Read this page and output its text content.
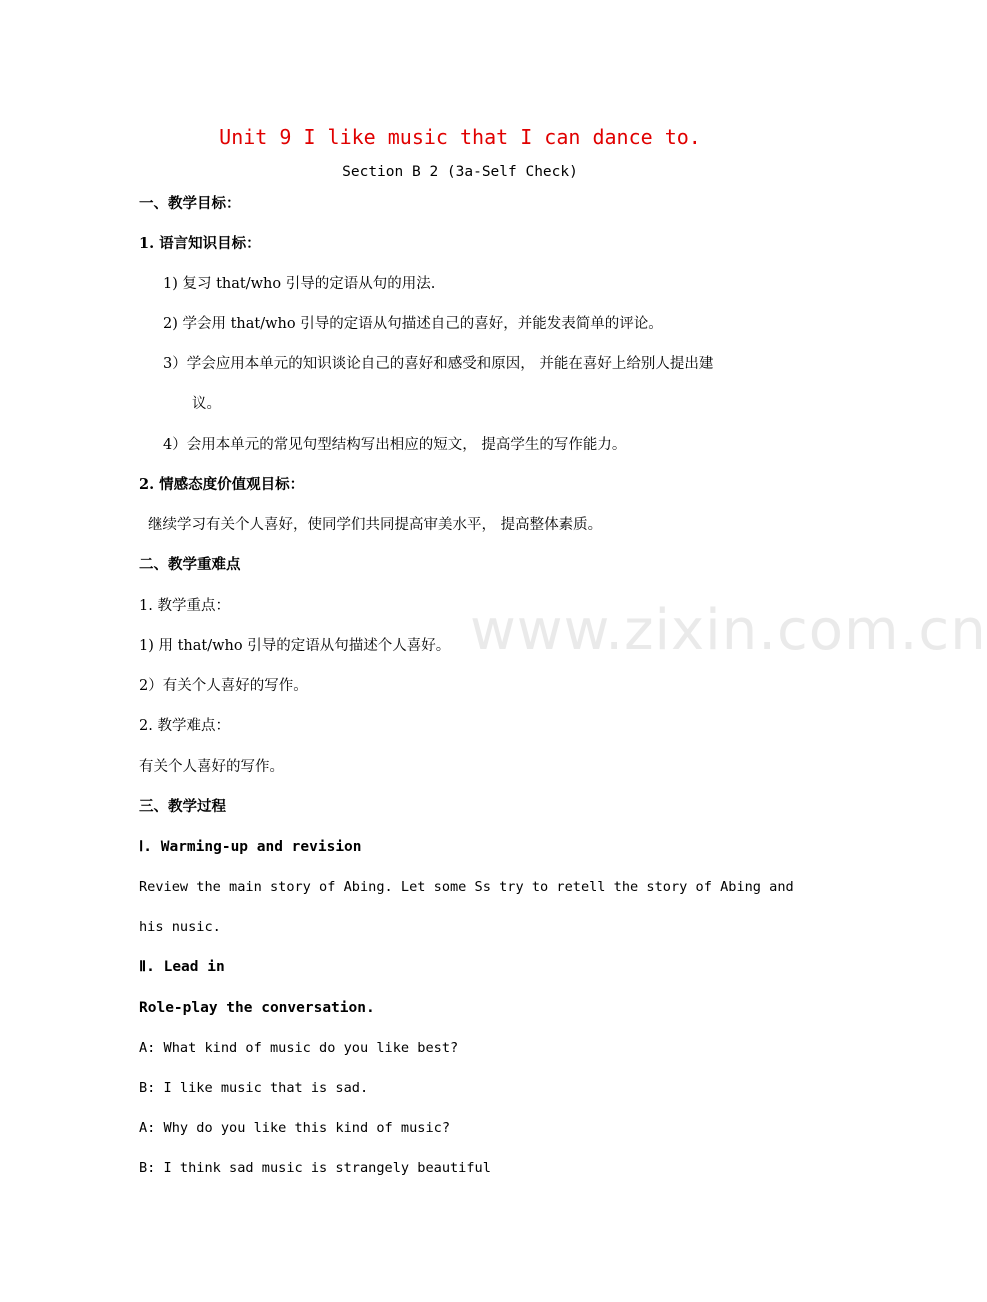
www.zixin.com.cn
Unit 9 I like music that I can dance to.
Section B 2 (3a-Self Check)
一、教学目标：
1. 语言知识目标：
1) 复习 that/who 引导的定语从句的用法.
2) 学会用 that/who 引导的定语从句描述自己的喜好，并能发表简单的评论。
3）学会应用本单元的知识谈论自己的喜好和感受和原因， 并能在喜好上给别人提出建
议。
4）会用本单元的常见句型结构写出相应的短文， 提高学生的写作能力。
2. 情感态度价值观目标：
继续学习有关个人喜好，使同学们共同提高审美水平， 提高整体素质。
二、教学重难点
1. 教学重点：
1) 用 that/who 引导的定语从句描述个人喜好。
2）有关个人喜好的写作。
2. 教学难点：
有关个人喜好的写作。
三、教学过程
Ⅰ. Warming-up and revision
Review the main story of Abing. Let some Ss try to retell the story of Abing and
his nusic.
Ⅱ. Lead in
Role-play the conversation.
A: What kind of music do you like best?
B: I like music that is sad.
A: Why do you like this kind of music?
B: I think sad music is strangely beautiful
